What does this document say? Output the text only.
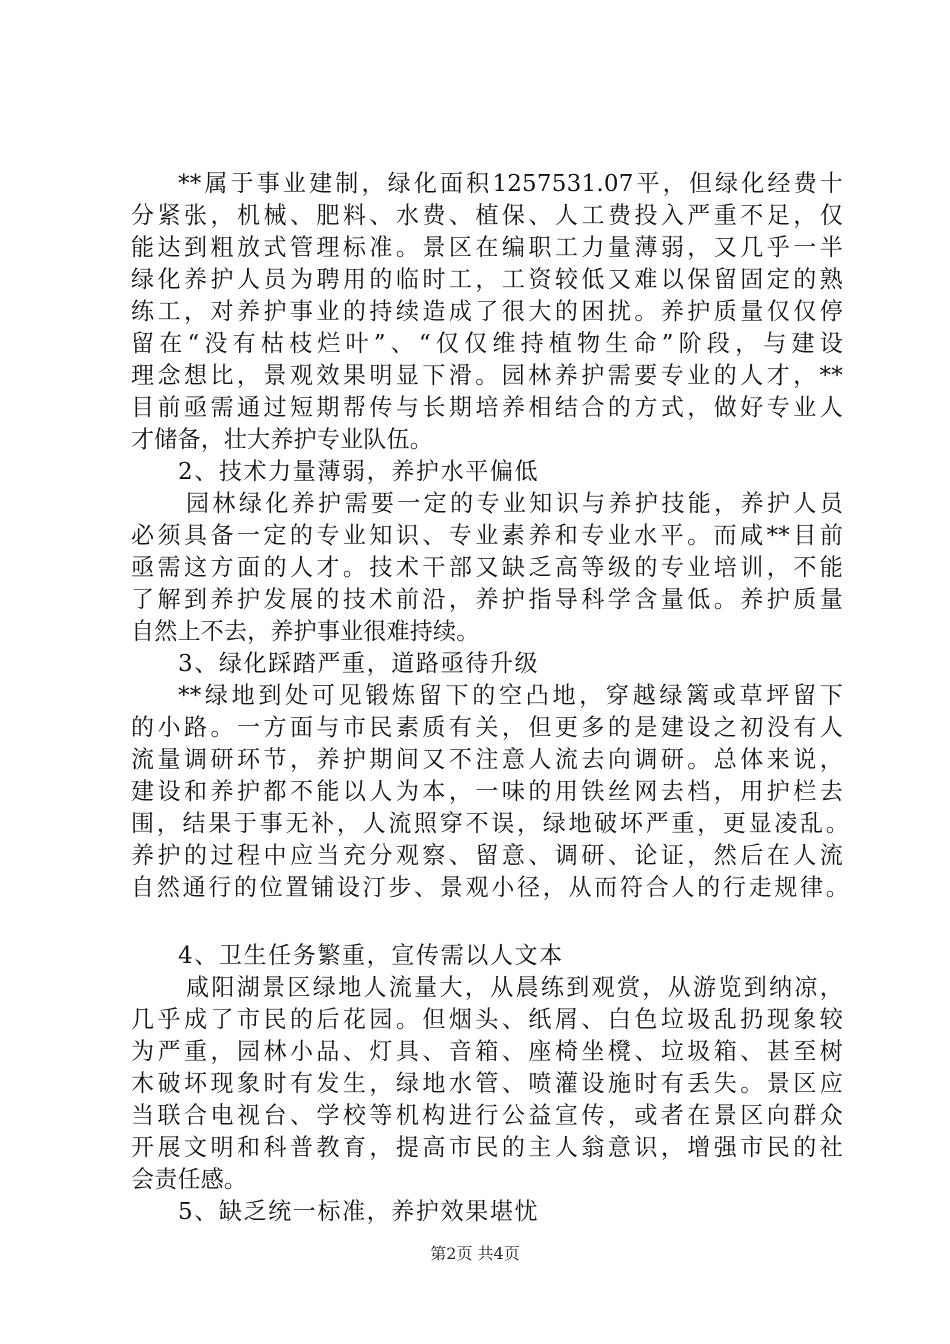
**属于事业建制，绿化面积1257531.07平，但绿化经费十
分紧张，机械、肥料、水费、植保、人工费投入严重不足，仅
能达到粗放式管理标准。景区在编职工力量薄弱，又几乎一半
绿化养护人员为聘用的临时工，工资较低又难以保留固定的熟
练工，对养护事业的持续造成了很大的困扰。养护质量仅仅停
留在“没有枯枝烂叶”、“仅仅维持植物生命”阶段，与建设
理念想比，景观效果明显下滑。园林养护需要专业的人才，**
目前亟需通过短期帮传与长期培养相结合的方式，做好专业人
才储备，壮大养护专业队伍。
2、技术力量薄弱，养护水平偏低
园林绿化养护需要一定的专业知识与养护技能，养护人员
必须具备一定的专业知识、专业素养和专业水平。而咸**目前
亟需这方面的人才。技术干部又缺乏高等级的专业培训，不能
了解到养护发展的技术前沿，养护指导科学含量低。养护质量
自然上不去，养护事业很难持续。
3、绿化踩踏严重，道路亟待升级
**绿地到处可见锻炼留下的空凸地，穿越绿篱或草坪留下
的小路。一方面与市民素质有关，但更多的是建设之初没有人
流量调研环节，养护期间又不注意人流去向调研。总体来说，
建设和养护都不能以人为本，一味的用铁丝网去档，用护栏去
围，结果于事无补，人流照穿不误，绿地破坏严重，更显凌乱。
养护的过程中应当充分观察、留意、调研、论证，然后在人流
自然通行的位置铺设汀步、景观小径，从而符合人的行走规律。
4、卫生任务繁重，宣传需以人文本
咸阳湖景区绿地人流量大，从晨练到观赏，从游览到纳凉，
几乎成了市民的后花园。但烟头、纸屑、白色垃圾乱扔现象较
为严重，园林小品、灯具、音箱、座椅坐櫈、垃圾箱、甚至树
木破坏现象时有发生，绿地水管、喷灌设施时有丢失。景区应
当联合电视台、学校等机构进行公益宣传，或者在景区向群众
开展文明和科普教育，提高市民的主人翁意识，增强市民的社
会责任感。
5、缺乏统一标准，养护效果堪忧
第2页 共4页
